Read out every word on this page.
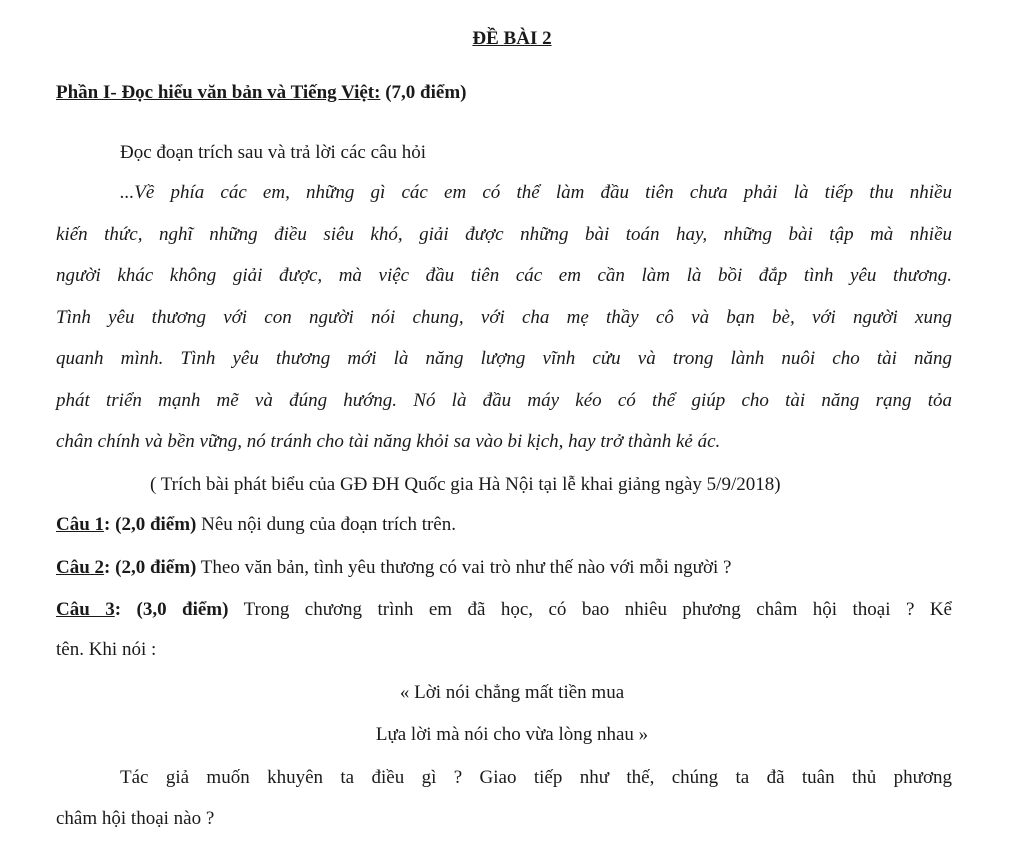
ĐỀ BÀI 2
Phần I- Đọc hiểu văn bản và Tiếng Việt: (7,0 điểm)
Đọc đoạn trích sau và trả lời các câu hỏi
...Về phía các em, những gì các em có thể làm đầu tiên chưa phải là tiếp thu nhiều
kiến thức, nghĩ những điều siêu khó, giải được những bài toán hay, những bài tập mà nhiều
người khác không giải được, mà việc đầu tiên các em cần làm là bồi đắp tình yêu thương.
Tình yêu thương với con người nói chung, với cha mẹ thầy cô và bạn bè, với người xung
quanh mình. Tình yêu thương mới là năng lượng vĩnh cửu và trong lành nuôi cho tài năng
phát triển mạnh mẽ và đúng hướng. Nó là đầu máy kéo có thể giúp cho tài năng rạng tỏa
chân chính và bền vững, nó tránh cho tài năng khỏi sa vào bi kịch, hay trở thành kẻ ác.
( Trích bài phát biểu của GĐ ĐH Quốc gia Hà Nội tại lễ khai giảng ngày 5/9/2018)
Câu 1: (2,0 điểm) Nêu nội dung của đoạn trích trên.
Câu 2: (2,0 điểm) Theo văn bản, tình yêu thương có vai trò như thế nào với mỗi người ?
Câu 3: (3,0 điểm) Trong chương trình em đã học, có bao nhiêu phương châm hội thoại ? Kể
tên. Khi nói :
« Lời nói chẳng mất tiền mua
Lựa lời mà nói cho vừa lòng nhau »
Tác giả muốn khuyên ta điều gì ? Giao tiếp như thế, chúng ta đã tuân thủ phương
châm hội thoại nào ?
